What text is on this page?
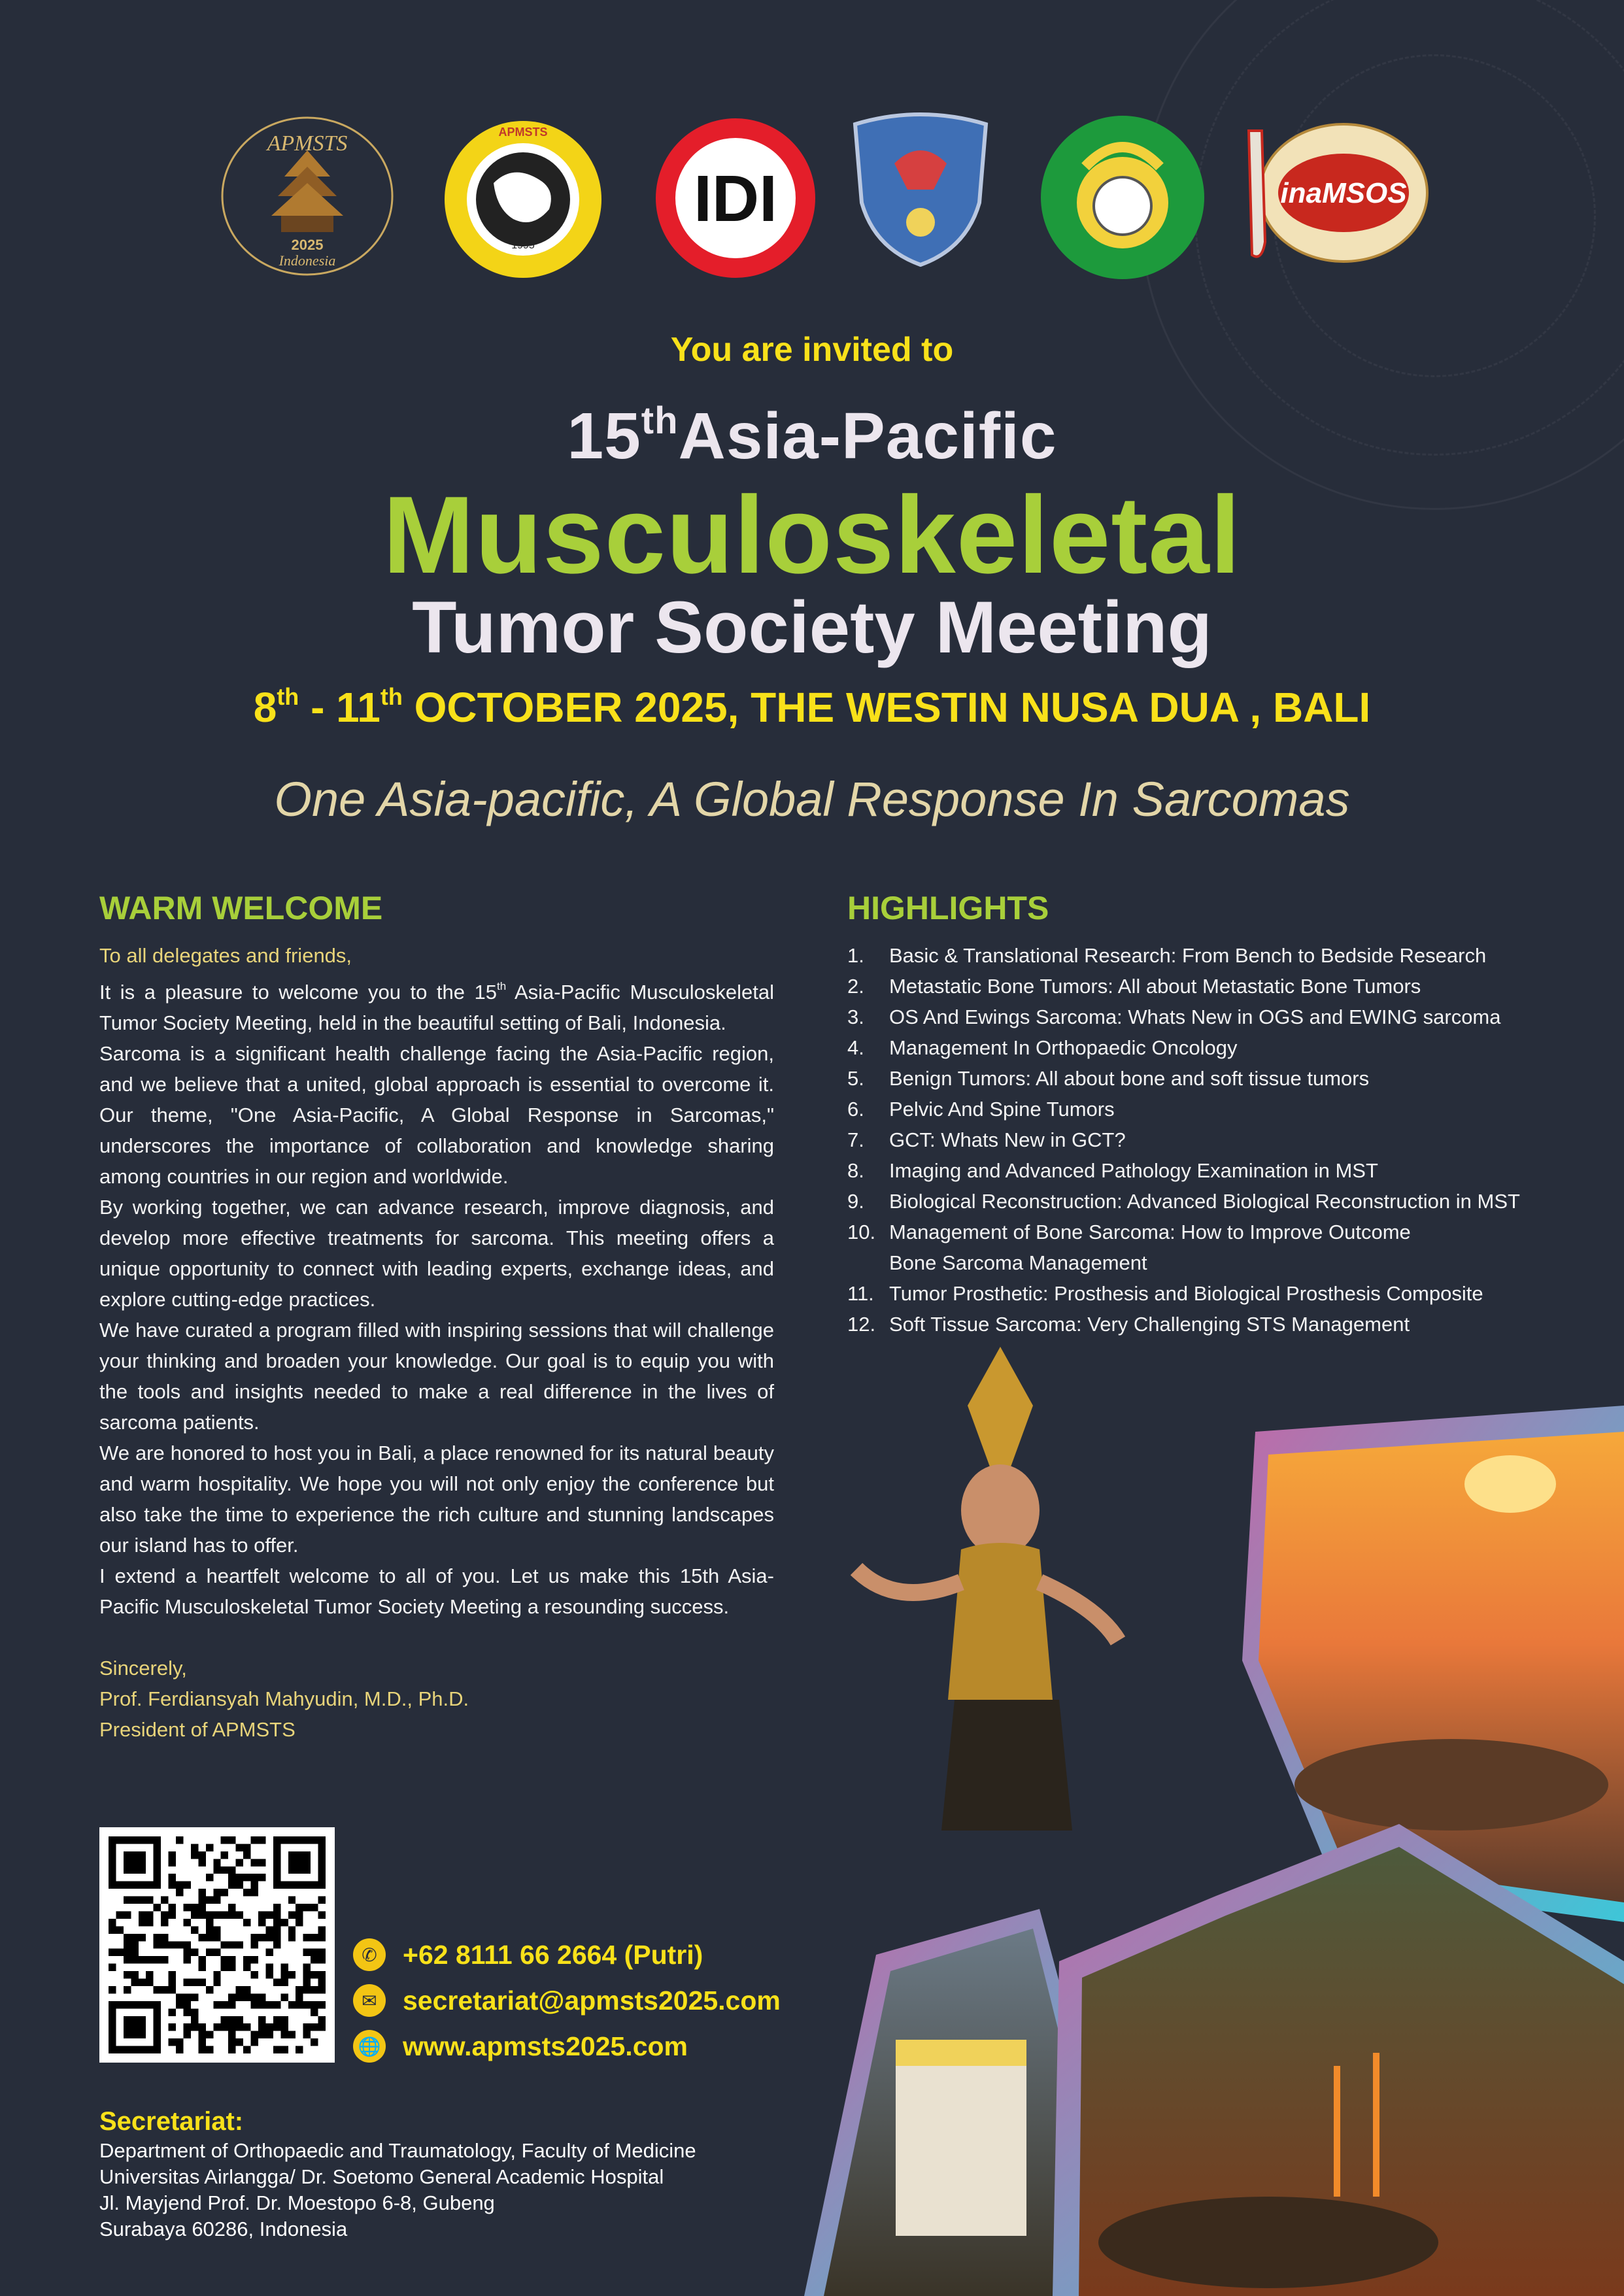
APMSTS
2025
Indonesia
APMSTS
1995
IDI	inaMSOS
You are invited to
15thAsia-Pacific
Musculoskeletal
Tumor Society Meeting
8th - 11th OCTOBER 2025, THE WESTIN NUSA DUA , BALI
One Asia-pacific, A Global Response In Sarcomas
WARM WELCOME
To all delegates and friends,

It is a pleasure to welcome you to the 15th Asia-Pacific Musculoskeletal Tumor Society Meeting, held in the beautiful setting of Bali, Indonesia.

Sarcoma is a significant health challenge facing the Asia-Pacific region, and we believe that a united, global approach is essential to overcome it. Our theme, "One Asia-Pacific, A Global Response in Sarcomas," underscores the importance of collaboration and knowledge sharing among countries in our region and worldwide.

By working together, we can advance research, improve diagnosis, and develop more effective treatments for sarcoma. This meeting offers a unique opportunity to connect with leading experts, exchange ideas, and explore cutting-edge practices.

We have curated a program filled with inspiring sessions that will challenge your thinking and broaden your knowledge. Our goal is to equip you with the tools and insights needed to make a real difference in the lives of sarcoma patients.

We are honored to host you in Bali, a place renowned for its natural beauty and warm hospitality. We hope you will not only enjoy the conference but also take the time to experience the rich culture and stunning landscapes our island has to offer.

I extend a heartfelt welcome to all of you. Let us make this 15th Asia-Pacific Musculoskeletal Tumor Society Meeting a resounding success.

Sincerely,
Prof. Ferdiansyah Mahyudin, M.D., Ph.D.
President of APMSTS
HIGHLIGHTS
1.	Basic & Translational Research: From Bench to Bedside Research
2.	Metastatic Bone Tumors: All about Metastatic Bone Tumors
3.	OS And Ewings Sarcoma: Whats New in OGS and EWING sarcoma
4.	Management In Orthopaedic Oncology
5.	Benign Tumors: All about bone and soft tissue tumors
6.	Pelvic And Spine Tumors
7.	GCT: Whats New in GCT?
8.	Imaging and Advanced Pathology Examination in MST
9.	Biological Reconstruction: Advanced Biological Reconstruction in MST
10. Management of Bone Sarcoma: How to Improve Outcome
Bone Sarcoma Management
11. Tumor Prosthetic: Prosthesis and Biological Prosthesis Composite
12. Soft Tissue Sarcoma: Very Challenging STS Management
✆ +62 8111 66 2664 (Putri)
✉ secretariat@apmsts2025.com
🌐 www.apmsts2025.com
Secretariat:
Department of Orthopaedic and Traumatology, Faculty of Medicine
Universitas Airlangga/ Dr. Soetomo General Academic Hospital
Jl. Mayjend Prof. Dr. Moestopo 6-8, Gubeng
Surabaya 60286, Indonesia
